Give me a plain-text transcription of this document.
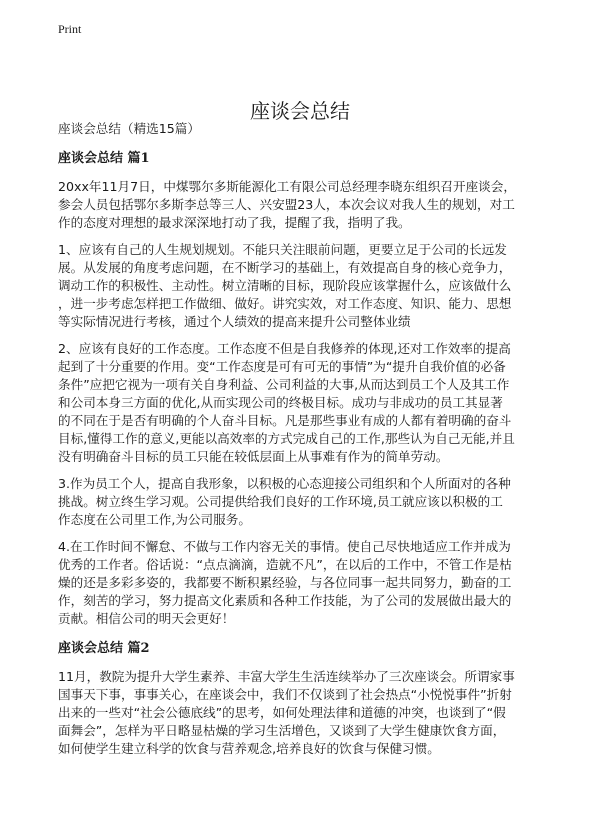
Print
座谈会总结
座谈会总结（精选15篇）
座谈会总结 篇1
20xx年11月7日，中煤鄂尔多斯能源化工有限公司总经理李晓东组织召开座谈会，
参会人员包括鄂尔多斯李总等三人、兴安盟23人，本次会议对我人生的规划，对工
作的态度对理想的最求深深地打动了我，提醒了我，指明了我。
1、应该有自己的人生规划规划。不能只关注眼前问题，更要立足于公司的长远发
展。从发展的角度考虑问题，在不断学习的基础上，有效提高自身的核心竞争力，
调动工作的积极性、主动性。树立清晰的目标，现阶段应该掌握什么，应该做什么
，进一步考虑怎样把工作做细、做好。讲究实效，对工作态度、知识、能力、思想
等实际情况进行考核，通过个人绩效的提高来提升公司整体业绩
2、应该有良好的工作态度。工作态度不但是自我修养的体现,还对工作效率的提高
起到了十分重要的作用。变“工作态度是可有可无的事情”为“提升自我价值的必备
条件”应把它视为一项有关自身利益、公司利益的大事,从而达到员工个人及其工作
和公司本身三方面的优化,从而实现公司的终极目标。成功与非成功的员工其显著
的不同在于是否有明确的个人奋斗目标。凡是那些事业有成的人都有着明确的奋斗
目标,懂得工作的意义,更能以高效率的方式完成自己的工作,那些认为自己无能,并且
没有明确奋斗目标的员工只能在较低层面上从事难有作为的简单劳动。
3.作为员工个人，提高自我形象，以积极的心态迎接公司组织和个人所面对的各种
挑战。树立终生学习观。公司提供给我们良好的工作环境,员工就应该以积极的工
作态度在公司里工作,为公司服务。
4.在工作时间不懈怠、不做与工作内容无关的事情。使自己尽快地适应工作并成为
优秀的工作者。俗话说：“点点滴滴，造就不凡”，在以后的工作中，不管工作是枯
燥的还是多彩多姿的，我都要不断积累经验，与各位同事一起共同努力，勤奋的工
作，刻苦的学习，努力提高文化素质和各种工作技能，为了公司的发展做出最大的
贡献。相信公司的明天会更好！
座谈会总结 篇2
11月，教院为提升大学生素养、丰富大学生生活连续举办了三次座谈会。所谓家事
国事天下事，事事关心，在座谈会中，我们不仅谈到了社会热点“小悦悦事件”折射
出来的一些对“社会公德底线”的思考，如何处理法律和道德的冲突，也谈到了“假
面舞会”，怎样为平日略显枯燥的学习生活增色，又谈到了大学生健康饮食方面，
如何使学生建立科学的饮食与营养观念,培养良好的饮食与保健习惯。
